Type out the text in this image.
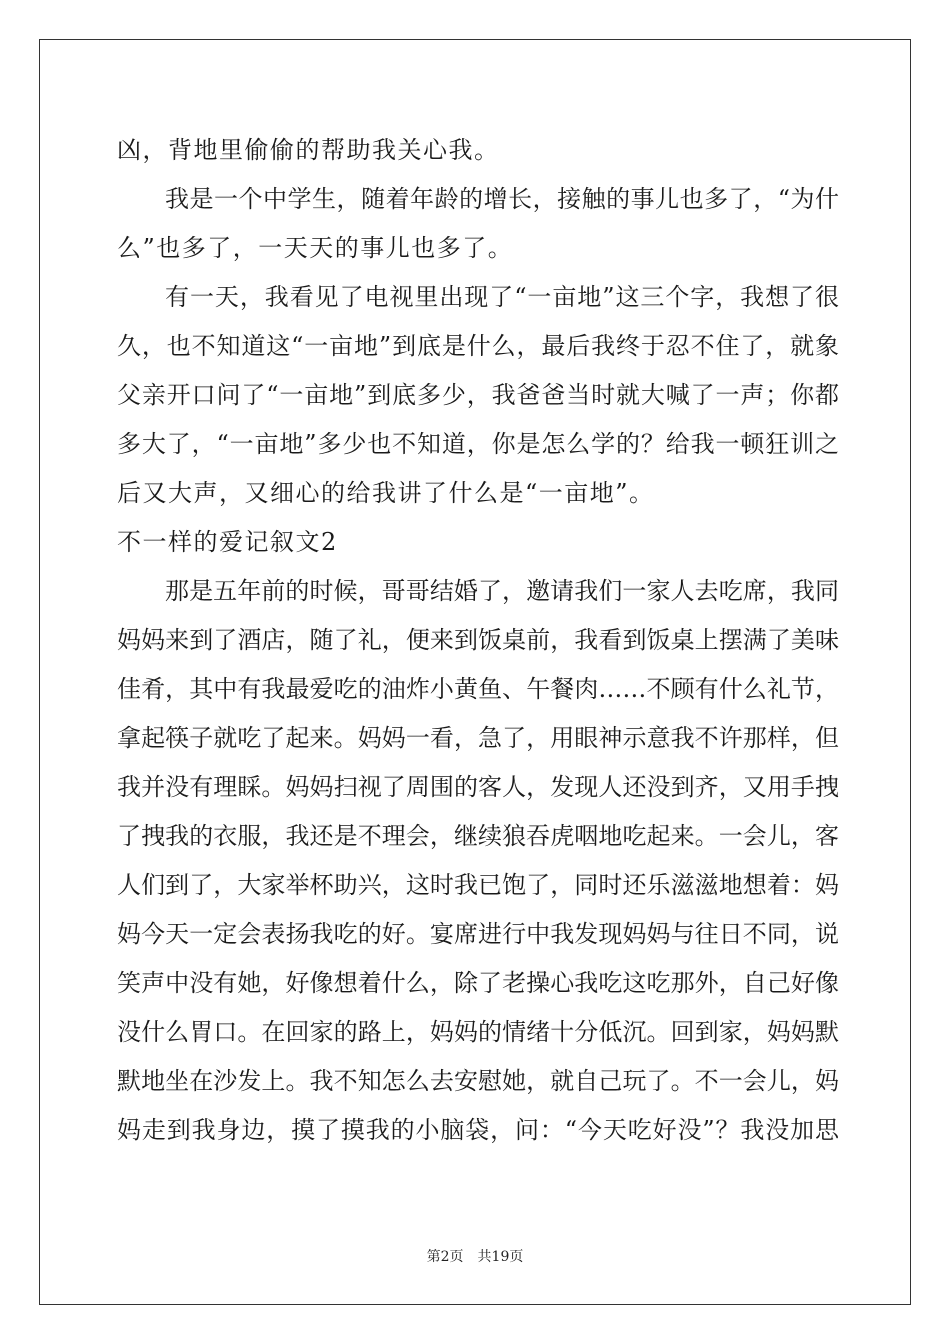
凶，背地里偷偷的帮助我关心我。
我是一个中学生，随着年龄的增长，接触的事儿也多了，“为什
么”也多了，一天天的事儿也多了。
有一天，我看见了电视里出现了“一亩地”这三个字，我想了很
久，也不知道这“一亩地”到底是什么，最后我终于忍不住了，就象
父亲开口问了“一亩地”到底多少，我爸爸当时就大喊了一声；你都
多大了，“一亩地”多少也不知道，你是怎么学的？给我一顿狂训之
后又大声，又细心的给我讲了什么是“一亩地”。
不一样的爱记叙文2
那是五年前的时候，哥哥结婚了，邀请我们一家人去吃席，我同
妈妈来到了酒店，随了礼，便来到饭桌前，我看到饭桌上摆满了美味
佳肴，其中有我最爱吃的油炸小黄鱼、午餐肉……不顾有什么礼节，
拿起筷子就吃了起来。妈妈一看，急了，用眼神示意我不许那样，但
我并没有理睬。妈妈扫视了周围的客人，发现人还没到齐，又用手拽
了拽我的衣服，我还是不理会，继续狼吞虎咽地吃起来。一会儿，客
人们到了，大家举杯助兴，这时我已饱了，同时还乐滋滋地想着：妈
妈今天一定会表扬我吃的好。宴席进行中我发现妈妈与往日不同，说
笑声中没有她，好像想着什么，除了老操心我吃这吃那外，自己好像
没什么胃口。在回家的路上，妈妈的情绪十分低沉。回到家，妈妈默
默地坐在沙发上。我不知怎么去安慰她，就自己玩了。不一会儿，妈
妈走到我身边，摸了摸我的小脑袋，问：“今天吃好没”？我没加思
第2页 共19页
